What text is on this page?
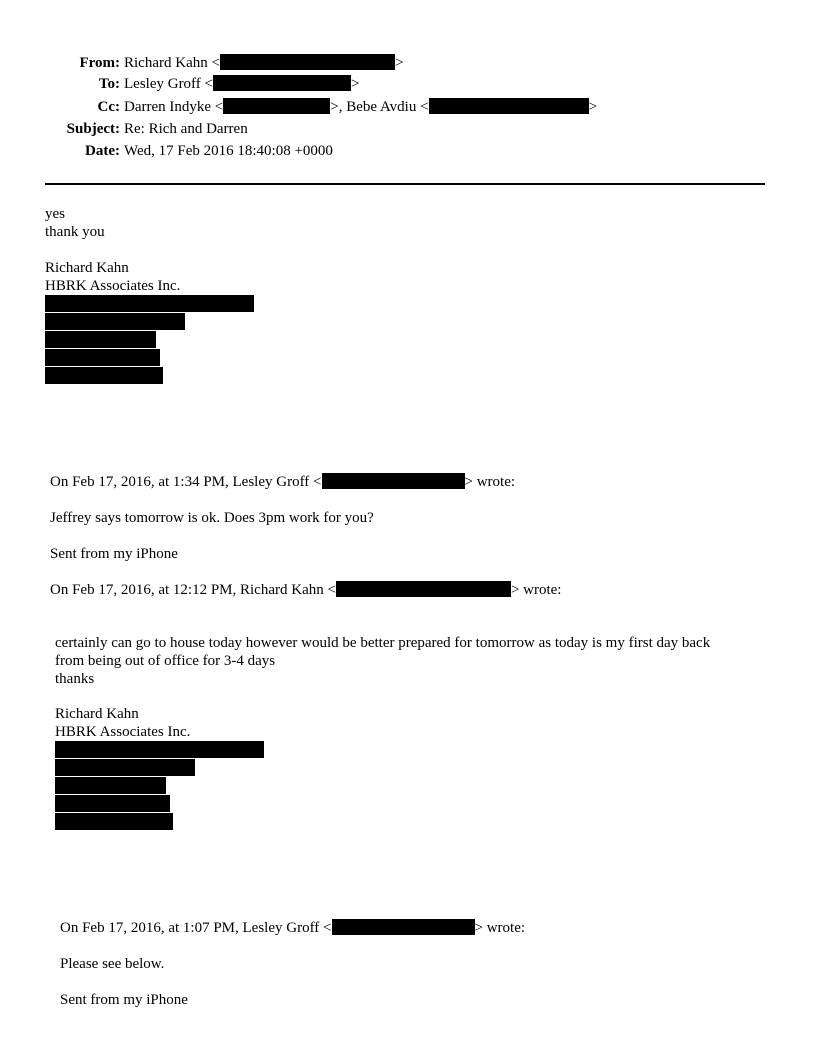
From: Richard Kahn <	>
To: Lesley Groff <	>
Cc: Darren Indyke <	>, Bebe Avdiu <	>
Subject: Re: Rich and Darren
Date: Wed, 17 Feb 2016 18:40:08 +0000
yes
thank you
Richard Kahn
HBRK Associates Inc.
On Feb 17, 2016, at 1:34 PM, Lesley Groff <	> wrote:
Jeffrey says tomorrow is ok. Does 3pm work for you?
Sent from my iPhone
On Feb 17, 2016, at 12:12 PM, Richard Kahn <	> wrote:
certainly can go to house today however would be better prepared for tomorrow as today is my first day back
from being out of office for 3-4 days
thanks
Richard Kahn
HBRK Associates Inc.
On Feb 17, 2016, at 1:07 PM, Lesley Groff <	> wrote:
Please see below.
Sent from my iPhone
